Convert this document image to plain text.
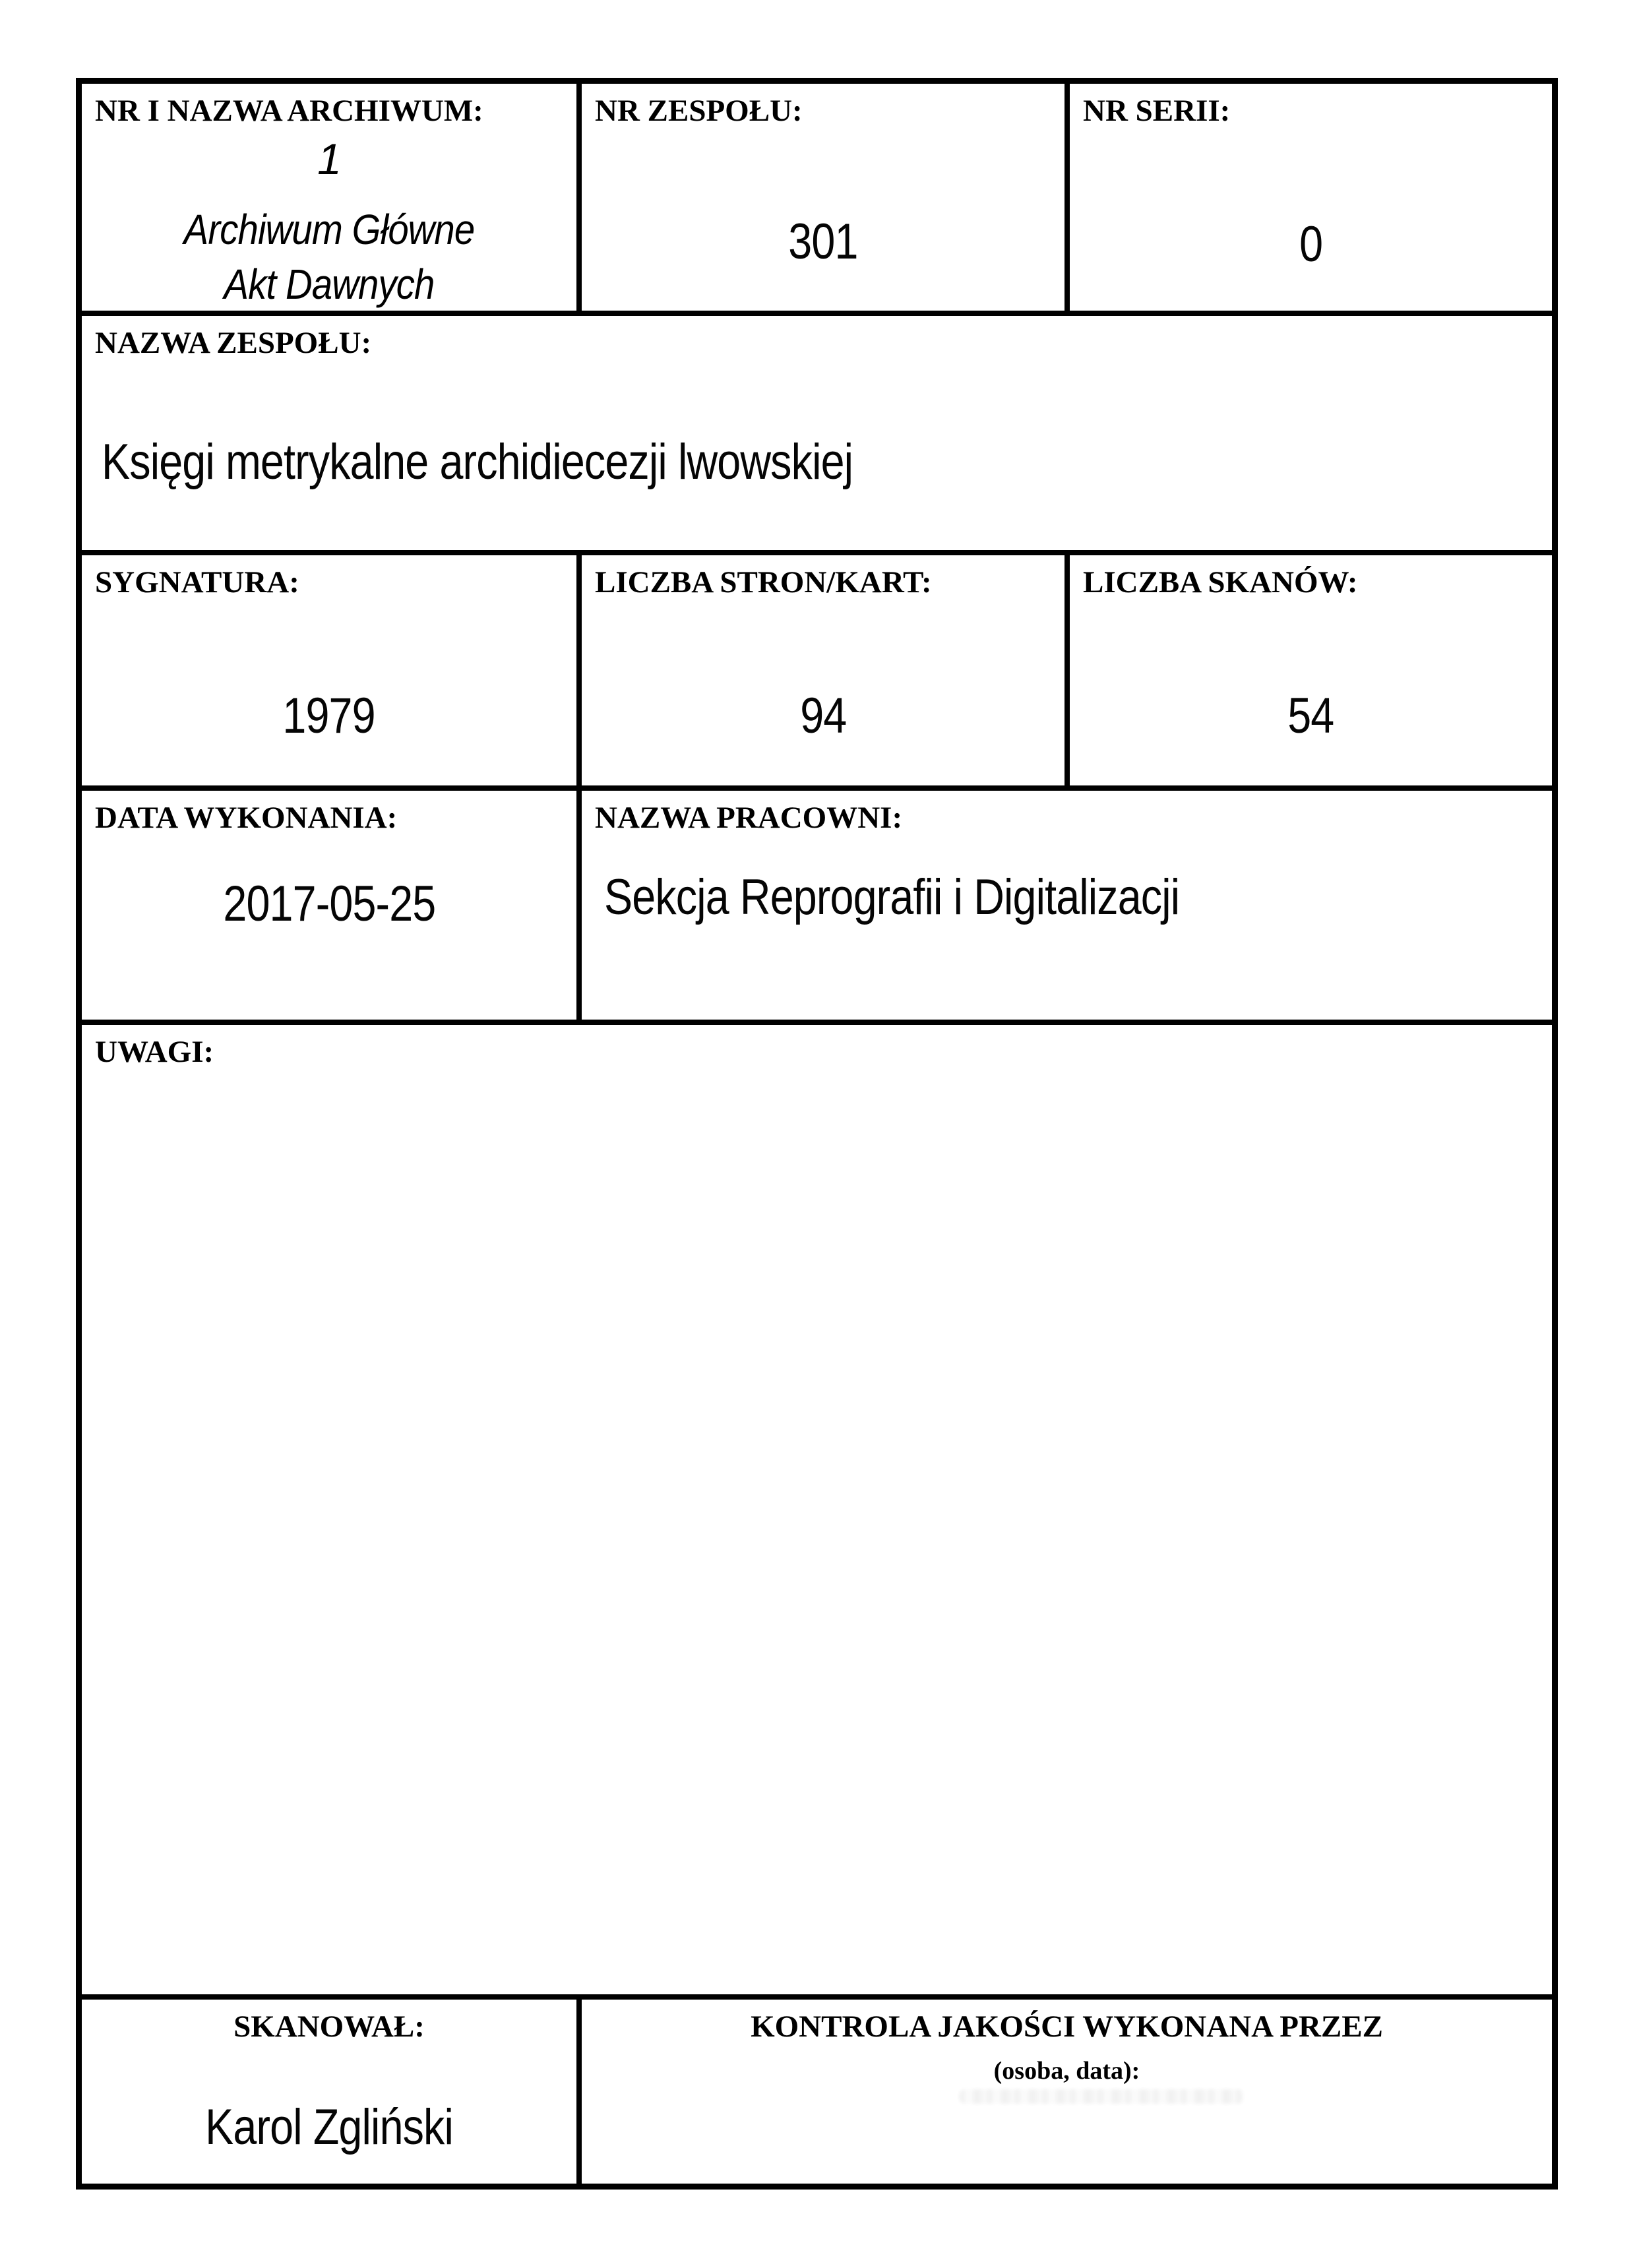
NR I NAZWA ARCHIWUM:
1
Archiwum Główne
Akt Dawnych
NR ZESPOŁU:
301
NR SERII:
0
NAZWA ZESPOŁU:
Księgi metrykalne archidiecezji lwowskiej
SYGNATURA:
1979
LICZBA STRON/KART:
94
LICZBA SKANÓW:
54
DATA WYKONANIA:
2017-05-25
NAZWA PRACOWNI:
Sekcja Reprografii i Digitalizacji
UWAGI:
SKANOWAŁ:
Karol Zgliński
KONTROLA JAKOŚCI WYKONANA PRZEZ
(osoba, data):
